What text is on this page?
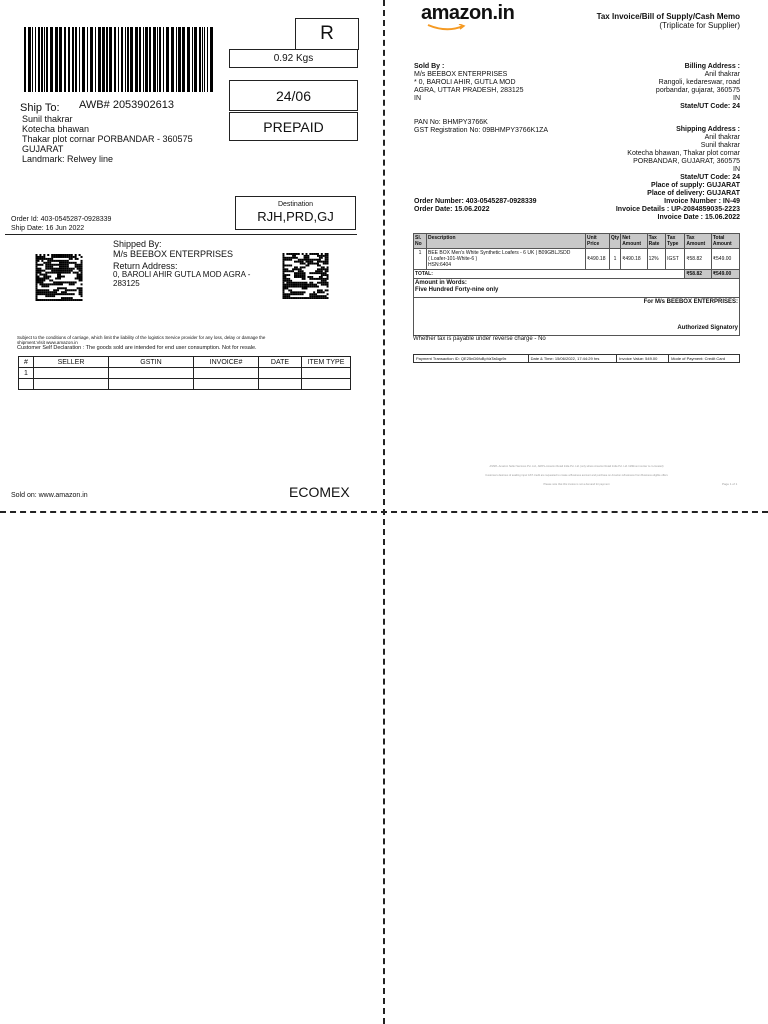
R
0.92 Kgs
24/06
PREPAID
Ship To: AWB# 2053902613
Sunil thakrar
Kotecha bhawan
Thakar plot cornar PORBANDAR - 360575
GUJARAT
Landmark: Relwey line
Destination
RJH,PRD,GJ
Order Id: 403-0545287-0928339
Ship Date: 16 Jun 2022
Shipped By:
M/s BEEBOX ENTERPRISES
Return Address:
0, BAROLI AHIR GUTLA MOD AGRA -
283125
Subject to the conditions of carriage, which limit the liability of the logistics Service provider for any loss, delay or damage the
shipment.Visit www.amazon.in
Customer Self Declaration : The goods sold are intended for end user consumption. Not for resale.
#	SELLER	GSTIN	INVOICE#	DATE	ITEM TYPE
1					

Sold on: www.amazon.in	ECOMEX
amazon.in	Tax Invoice/Bill of Supply/Cash Memo
(Triplicate for Supplier)
Sold By :
M/s BEEBOX ENTERPRISES
* 0, BAROLI AHIR, GUTLA MOD
AGRA, UTTAR PRADESH, 283125
IN
Billing Address :
Anil thakrar
Rangoli, kedareswar, road
porbandar, gujarat, 360575
IN
State/UT Code: 24
PAN No: BHMPY3766K
GST Registration No: 09BHMPY3766K1ZA	Shipping Address :
Anil thakrar
Sunil thakrar
Kotecha bhawan, Thakar plot cornar
PORBANDAR, GUJARAT, 360575
IN
State/UT Code: 24
Place of supply: GUJARAT
Place of delivery: GUJARAT
Order Number: 403-0545287-0928339
Order Date: 15.06.2022
Invoice Number : IN-49
Invoice Details : UP-2084859035-2223
Invoice Date : 15.06.2022
Sl. No	Description	Unit Price	Qty	Net Amount	Tax Rate	Tax Type	Tax Amount	Total Amount
1	BEE BOX Men's White Synthetic Loafers - 6 UK | B09GBLJSDD
( Loafer-101-White-6 )
HSN:6404	₹490.18	1	₹490.18	12%	IGST	₹58.82	₹549.00
TOTAL:							₹58.82	₹549.00
Amount in Words:
Five Hundred Forty-nine only
For M/s BEEBOX ENTERPRISES:
Authorized Signatory
Whether tax is payable under reverse charge - No
Payment Transaction ID: QE25nD6fuBpVaTa6qp9x	Date & Time: 15/06/2022, 17:44:29 hrs	Invoice Value: 549.00	Mode of Payment: Credit Card
ASSPL-Amazon Seller Services Pvt. Ltd., ARIPL-Amazon Retail India Pvt. Ltd. (only where Amazon Retail India Pvt. Ltd. fulfillment center is co-located)
Customers desirous of availing input GST credit are requested to create a Business account and purchase on Amazon.in/business from Business eligible offers
Please note that this invoice is not a demand for payment	Page 1 of 1
